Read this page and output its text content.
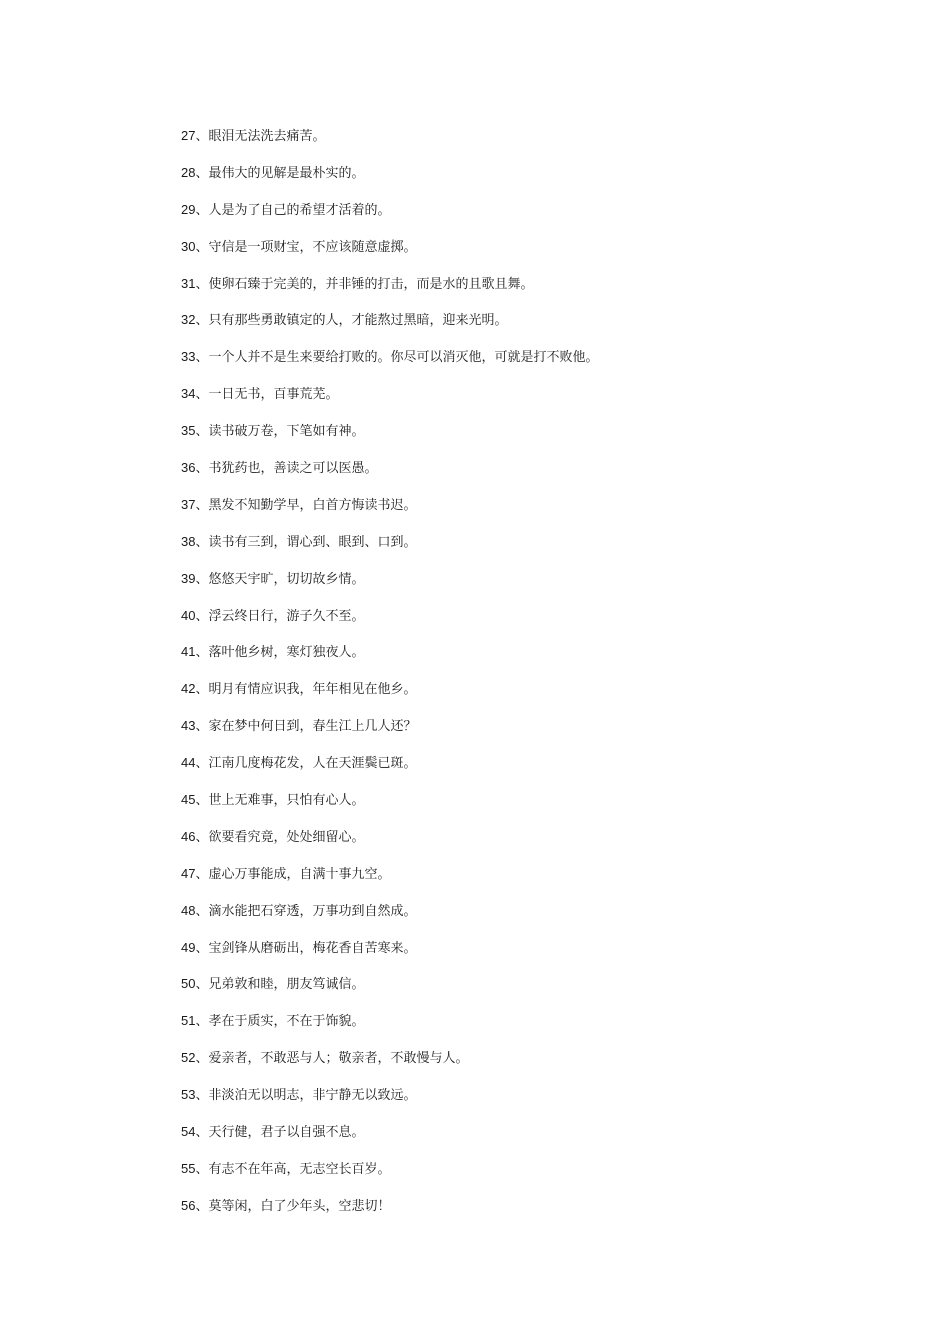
27、眼泪无法洗去痛苦。
28、最伟大的见解是最朴实的。
29、人是为了自己的希望才活着的。
30、守信是一项财宝，不应该随意虚掷。
31、使卵石臻于完美的，并非锤的打击，而是水的且歌且舞。
32、只有那些勇敢镇定的人，才能熬过黑暗，迎来光明。
33、一个人并不是生来要给打败的。你尽可以消灭他，可就是打不败他。
34、一日无书，百事荒芜。
35、读书破万卷，下笔如有神。
36、书犹药也，善读之可以医愚。
37、黑发不知勤学早，白首方悔读书迟。
38、读书有三到，谓心到、眼到、口到。
39、悠悠天宇旷，切切故乡情。
40、浮云终日行，游子久不至。
41、落叶他乡树，寒灯独夜人。
42、明月有情应识我，年年相见在他乡。
43、家在梦中何日到，春生江上几人还？
44、江南几度梅花发，人在天涯鬓已斑。
45、世上无难事，只怕有心人。
46、欲要看究竟，处处细留心。
47、虚心万事能成，自满十事九空。
48、滴水能把石穿透，万事功到自然成。
49、宝剑锋从磨砺出，梅花香自苦寒来。
50、兄弟敦和睦，朋友笃诚信。
51、孝在于质实，不在于饰貌。
52、爱亲者，不敢恶与人；敬亲者，不敢慢与人。
53、非淡泊无以明志，非宁静无以致远。
54、天行健，君子以自强不息。
55、有志不在年高，无志空长百岁。
56、莫等闲，白了少年头，空悲切！
